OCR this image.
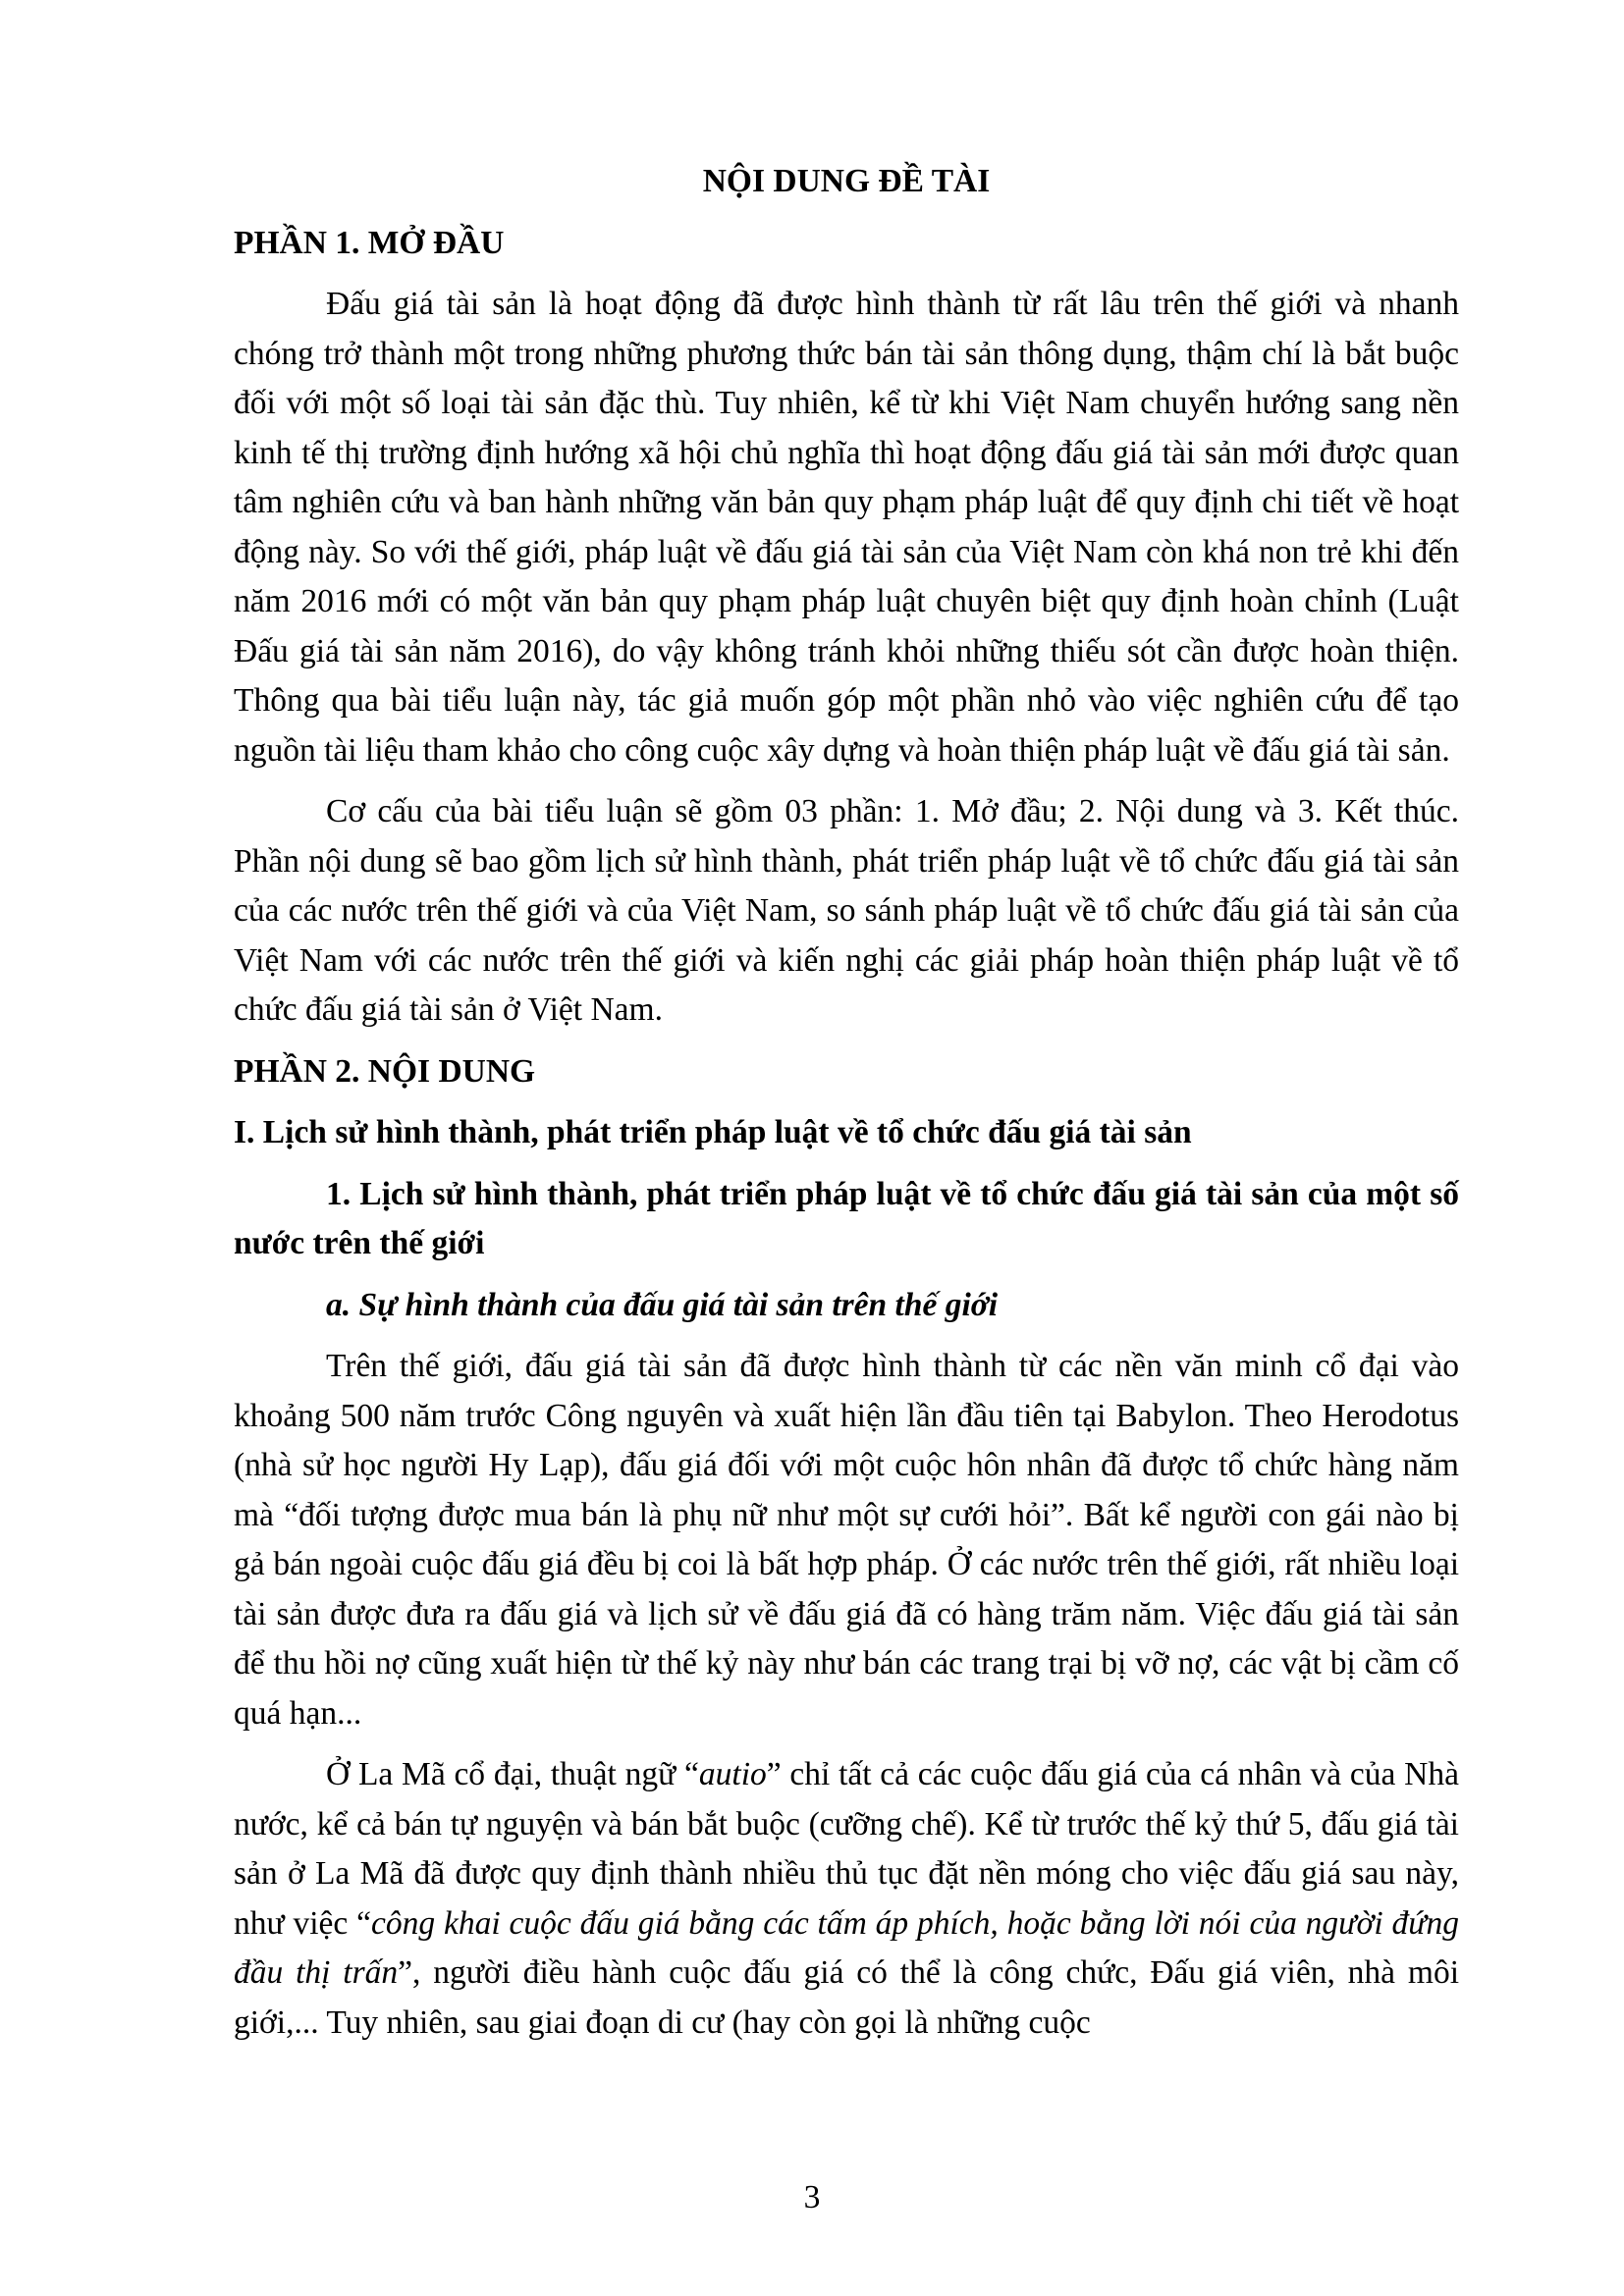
NỘI DUNG ĐỀ TÀI
PHẦN 1. MỞ ĐẦU

Đấu giá tài sản là hoạt động đã được hình thành từ rất lâu trên thế giới và nhanh chóng trở thành một trong những phương thức bán tài sản thông dụng, thậm chí là bắt buộc đối với một số loại tài sản đặc thù. Tuy nhiên, kể từ khi Việt Nam chuyển hướng sang nền kinh tế thị trường định hướng xã hội chủ nghĩa thì hoạt động đấu giá tài sản mới được quan tâm nghiên cứu và ban hành những văn bản quy phạm pháp luật để quy định chi tiết về hoạt động này. So với thế giới, pháp luật về đấu giá tài sản của Việt Nam còn khá non trẻ khi đến năm 2016 mới có một văn bản quy phạm pháp luật chuyên biệt quy định hoàn chỉnh (Luật Đấu giá tài sản năm 2016), do vậy không tránh khỏi những thiếu sót cần được hoàn thiện. Thông qua bài tiểu luận này, tác giả muốn góp một phần nhỏ vào việc nghiên cứu để tạo nguồn tài liệu tham khảo cho công cuộc xây dựng và hoàn thiện pháp luật về đấu giá tài sản.

Cơ cấu của bài tiểu luận sẽ gồm 03 phần: 1. Mở đầu; 2. Nội dung và 3. Kết thúc. Phần nội dung sẽ bao gồm lịch sử hình thành, phát triển pháp luật về tổ chức đấu giá tài sản của các nước trên thế giới và của Việt Nam, so sánh pháp luật về tổ chức đấu giá tài sản của Việt Nam với các nước trên thế giới và kiến nghị các giải pháp hoàn thiện pháp luật về tổ chức đấu giá tài sản ở Việt Nam.

PHẦN 2. NỘI DUNG
I. Lịch sử hình thành, phát triển pháp luật về tổ chức đấu giá tài sản
1. Lịch sử hình thành, phát triển pháp luật về tổ chức đấu giá tài sản của một số nước trên thế giới
a. Sự hình thành của đấu giá tài sản trên thế giới

Trên thế giới, đấu giá tài sản đã được hình thành từ các nền văn minh cổ đại vào khoảng 500 năm trước Công nguyên và xuất hiện lần đầu tiên tại Babylon. Theo Herodotus (nhà sử học người Hy Lạp), đấu giá đối với một cuộc hôn nhân đã được tổ chức hàng năm mà “đối tượng được mua bán là phụ nữ như một sự cưới hỏi”. Bất kể người con gái nào bị gả bán ngoài cuộc đấu giá đều bị coi là bất hợp pháp. Ở các nước trên thế giới, rất nhiều loại tài sản được đưa ra đấu giá và lịch sử về đấu giá đã có hàng trăm năm. Việc đấu giá tài sản để thu hồi nợ cũng xuất hiện từ thế kỷ này như bán các trang trại bị vỡ nợ, các vật bị cầm cố quá hạn...

Ở La Mã cổ đại, thuật ngữ “autio” chỉ tất cả các cuộc đấu giá của cá nhân và của Nhà nước, kể cả bán tự nguyện và bán bắt buộc (cưỡng chế). Kể từ trước thế kỷ thứ 5, đấu giá tài sản ở La Mã đã được quy định thành nhiều thủ tục đặt nền móng cho việc đấu giá sau này, như việc “công khai cuộc đấu giá bằng các tấm áp phích, hoặc bằng lời nói của người đứng đầu thị trấn”, người điều hành cuộc đấu giá có thể là công chức, Đấu giá viên, nhà môi giới,... Tuy nhiên, sau giai đoạn di cư (hay còn gọi là những cuộc

3
